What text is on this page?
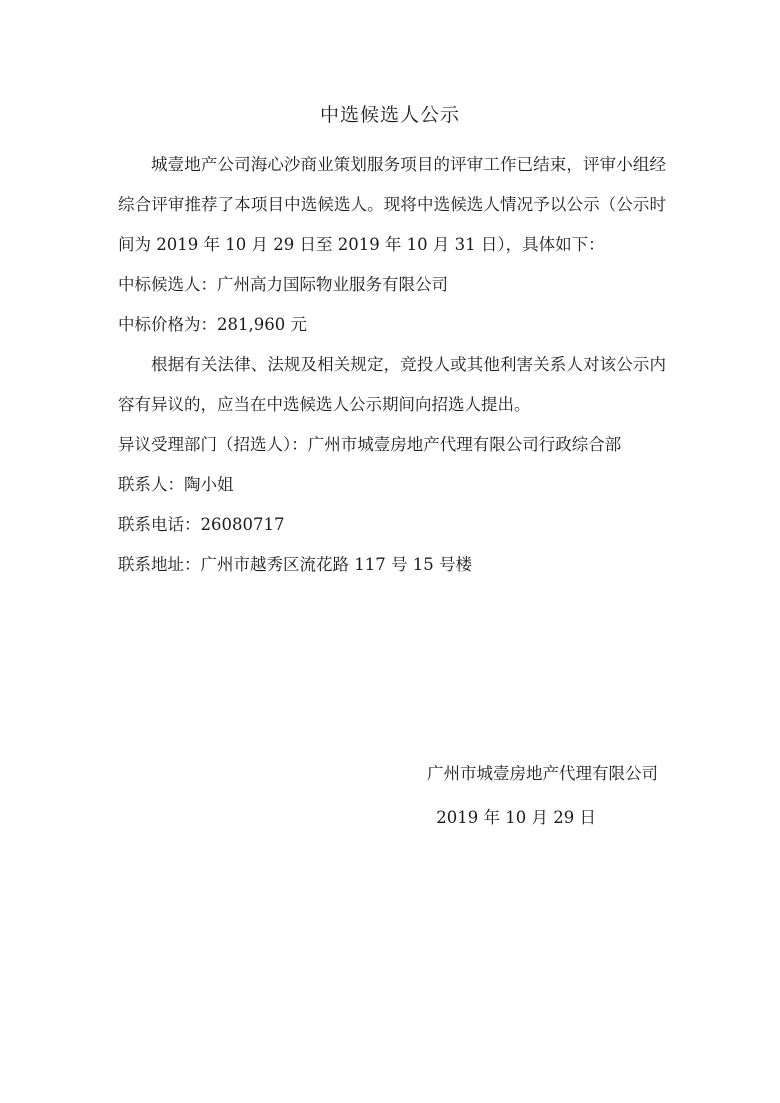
中选候选人公示

城壹地产公司海心沙商业策划服务项目的评审工作已结束，评审小组经综合评审推荐了本项目中选候选人。现将中选候选人情况予以公示（公示时间为 2019 年 10 月 29 日至 2019 年 10 月 31 日），具体如下：

中标候选人：广州高力国际物业服务有限公司

中标价格为：281,960 元

根据有关法律、法规及相关规定，竞投人或其他利害关系人对该公示内容有异议的，应当在中选候选人公示期间向招选人提出。

异议受理部门（招选人）：广州市城壹房地产代理有限公司行政综合部

联系人：陶小姐

联系电话：26080717

联系地址：广州市越秀区流花路 117 号 15 号楼

广州市城壹房地产代理有限公司
2019 年 10 月 29 日
